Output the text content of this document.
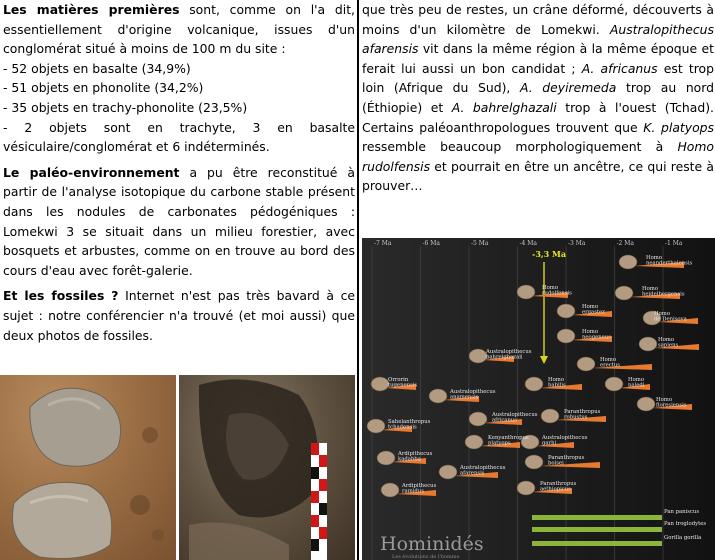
Les matières premières sont, comme on l'a dit, essentiellement d'origine volcanique, issues d'un conglomérat situé à moins de 100 m du site :

- 52 objets en basalte (34,9%)

- 51 objets en phonolite (34,2%)

- 35 objets en trachy-phonolite (23,5%)

- 2 objets sont en trachyte, 3 en basalte vésiculaire/conglomérat et 6 indéterminés.

Le paléo-environnement a pu être reconstitué à partir de l'analyse isotopique du carbone stable présent dans les nodules de carbonates pédogéniques : Lomekwi 3 se situait dans un milieu forestier, avec bosquets et arbustes, comme on en trouve au bord des cours d'eau avec forêt-galerie.

Et les fossiles ? Internet n'est pas très bavard à ce sujet : notre conférencier n'a trouvé (et moi aussi) que deux photos de fossiles.

que très peu de restes, un crâne déformé, découverts à moins d'un kilomètre de Lomekwi. Australopithecus afarensis vit dans la même région à la même époque et ferait lui aussi un bon candidat ; A. africanus est trop loin (Afrique du Sud), A. deyiremeda trop au nord (Éthiopie) et A. bahrelghazali trop à l'ouest (Tchad). Certains paléoanthropologues trouvent que K. platyops ressemble beaucoup morphologiquement à Homo rudolfensis et pourrait en être un ancêtre, ce qui reste à prouver…

-7 Ma	-6 Ma	-5 Ma	-4 Ma	-3 Ma	-2 Ma	-1 Ma
-3,3 Ma	Homo neanderthalensis
Homo heidelbergensis
Homo rudolfensis
Homo ergaster	Homo de Denisova
Homo neogeneus	Homo sapiens
Homo erectus
Australopithecus bahrelghazali
Orrorin tugenensis
Homo habilis
Homo naledi
Australopithecus anamensis	Homo floresiensis
Australopithecus africanus
Paranthropus robustus
Sahelanthropus tchadensis
Kenyanthropus platyops
Australopithecus garhi
Ardipithecus kadabba	Paranthropus boisei
Australopithecus afarensis
Ardipithecus ramidus
Paranthropus aethiopicus
Pan paniscus
Pan troglodytes
Gorilla gorilla
Hominidés
Les évolutions de l'homme
